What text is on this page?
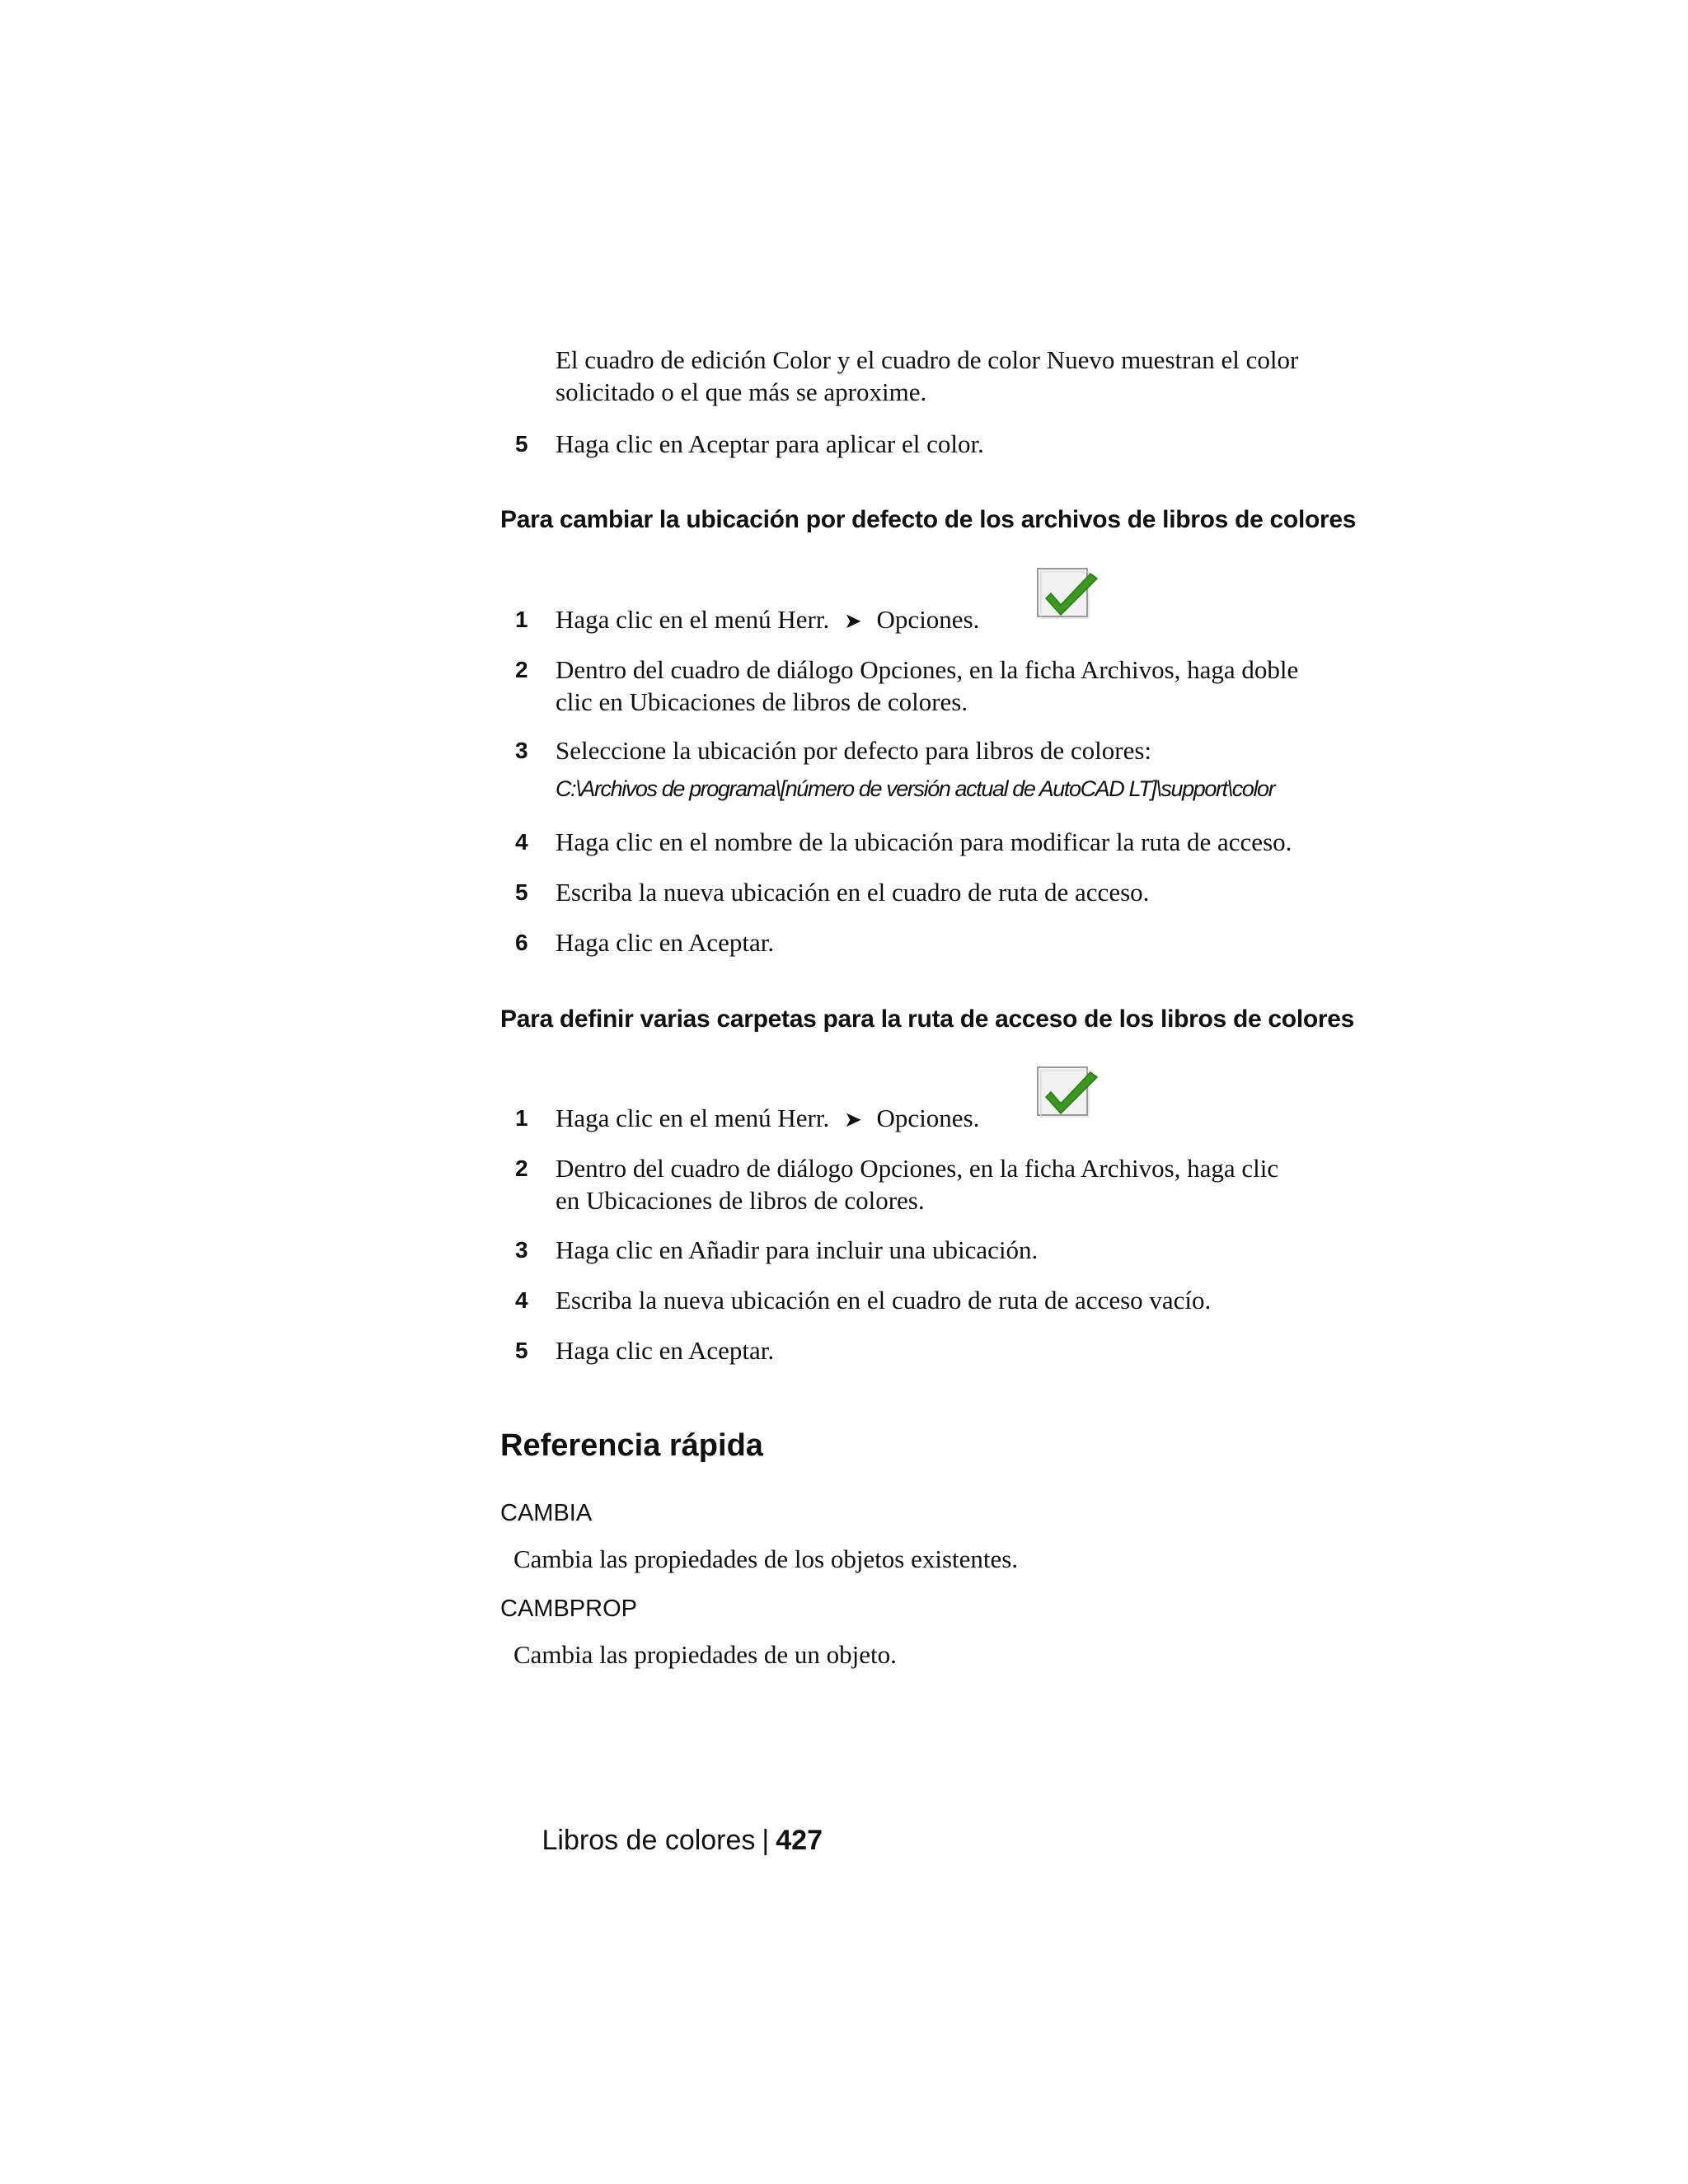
El cuadro de edición Color y el cuadro de color Nuevo muestran el color
solicitado o el que más se aproxime.
5 Haga clic en Aceptar para aplicar el color.
Para cambiar la ubicación por defecto de los archivos de libros de colores
1 Haga clic en el menú Herr. ➤ Opciones.
2 Dentro del cuadro de diálogo Opciones, en la ficha Archivos, haga doble
clic en Ubicaciones de libros de colores.
3 Seleccione la ubicación por defecto para libros de colores:
C:\Archivos de programa\[número de versión actual de AutoCAD LT]\support\color
4 Haga clic en el nombre de la ubicación para modificar la ruta de acceso.
5 Escriba la nueva ubicación en el cuadro de ruta de acceso.
6 Haga clic en Aceptar.
Para definir varias carpetas para la ruta de acceso de los libros de colores
1 Haga clic en el menú Herr. ➤ Opciones.
2 Dentro del cuadro de diálogo Opciones, en la ficha Archivos, haga clic
en Ubicaciones de libros de colores.
3 Haga clic en Añadir para incluir una ubicación.
4 Escriba la nueva ubicación en el cuadro de ruta de acceso vacío.
5 Haga clic en Aceptar.
Referencia rápida
CAMBIA
Cambia las propiedades de los objetos existentes.
CAMBPROP
Cambia las propiedades de un objeto.
Libros de colores | 427
